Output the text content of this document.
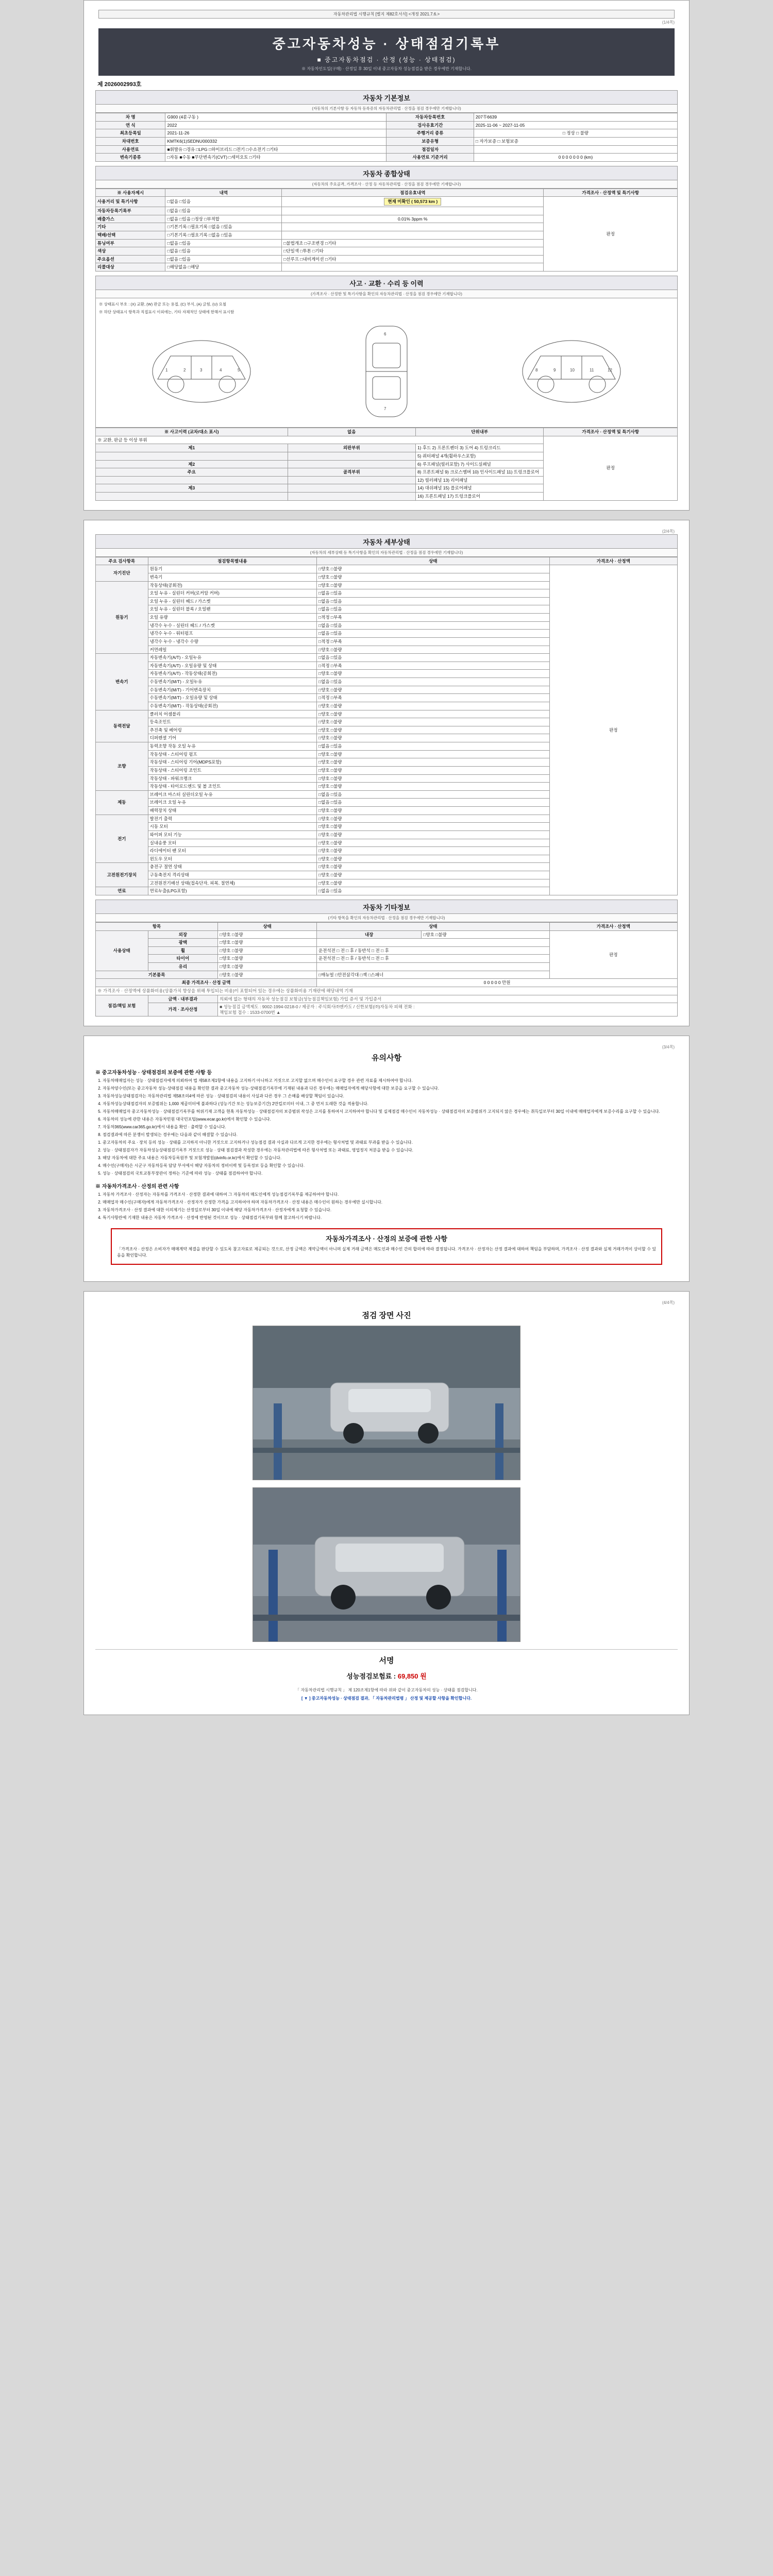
자동차관리법 시행규칙 [별지 제82호서식] <개정 2021.7.6.>
(1/4쪽)
중고자동차성능 · 상태점검기록부
■ 중고자동차점검 · 산정 (성능 · 상태점검)
※ 자동차인도일(구매) · 산정일 후 30일 이내 중고자동차 성능점검을 받은 경우에만 기재합니다.
제 2026002993호
자동차 기본정보
(자동차의 기본사항 등 자동차 등록증의 자동차관리법 · 산정을 점검 경우에만 기재합니다)
차 명	G900 (4륜구동 )	자동차등록번호	207무6639
연 식	2022	검사유효기간	2025-11-06 ~ 2027-11-05
최초등록일	2021-11-26	주행거리 종류	□ 정상 □ 불량
차대번호	KMTK6(1)SEDNU000332	보증유형	□ 자가보증 □ 보험보증
사용연료	■휘발유 □경유 □LPG □하이브리드 □전기 □수소전기 □기타	점검일자	
변속기종류	□자동 ■수동 ■무단변속기(CVT) □세미오토 □기타	사용연료 기준거리	0 0 0 0 0 0 0 (km)
자동차 종합상태
(자동차의 주요골격, 가격조사 · 산정 등 자동차관리법 · 산정을 점검 경우에만 기재합니다)
※ 사용자제시	내역	점검유효내역	가격조사 · 산정액 및 특기사항
사용거리 및 특기사항	□없음 □있음	현재 미확인 ( 50,573 km )	판정
자동차등록기록부	□없음 □있음		
배출가스	□없음 □있음 □정상 □부적합	0.01% 3ppm %	
기타	□기본기록 □필요기록 □없음 □있음		
택배/선택	□기본기록 □필요기록 □없음 □있음		
튜닝여부	□없음 □있음	□불법개조 □구조변경 □기타	
색상	□없음 □있음	□단일색 □투톤 □기타	
주요옵션	□없음 □있음	□선루프 □내비게이션 □기타	
리콜대상	□해당없음 □해당		
사고 · 교환 · 수리 등 이력
(가격조사 · 산정한 및 특기사항을 확인의 자동차관리법 · 산정을 점검 경우에만 기재합니다)
※ 상태표시 부호 : (X) 교환, (W) 판금 또는 용접, (C) 부식, (A) 긁힘, (U) 요철
※ 하단 상태표시 항목과 직접표시 이외에는, 기타 자체적인 상태에 한해서 표시함
1	2	3	4	5
6
7
8	9	10	11	12
※ 사고이력 (교차/대소 표시)	없음	단위내부	가격조사 · 산정액 및 특기사항
※ 교환, 판금 등 이상 부위			판정
제1	외판부위	1) 후드 2) 프론트펜더 3) 도어 4) 트렁크리드	
		5) 쿼터패널 4개(휠하우스포함)	
제2		6) 루프패널(필러포함) 7) 사이드실패널	
주요	골격부위	8) 프론트패널 9) 크로스멤버 10) 인사이드패널 11) 트렁크플로어	
		12) 필러패널 13) 리어패널	
제3		14) 대쉬패널 15) 플로어패널	
		16) 프론트패널 17) 트렁크플로어	
(2/4쪽)
자동차 세부상태
(자동차의 세부상태 등 특기사항을 확인의 자동차관리법 · 산정을 점검 경우에만 기재합니다)
주요 검사항목	점검항목별내용	상태	가격조사 · 산정액
자기진단	원동기	□양호 □불량	판정
	변속기	□양호 □불량	
원동기	작동상태(공회전)	□양호 □불량	
	오일 누유 - 실린더 커버(로커암 커버)	□없음 □있음	
	오일 누유 - 실린더 헤드 / 가스켓	□없음 □있음	
	오일 누유 - 실린더 블록 / 오일팬	□없음 □있음	
	오일 유량	□적정 □부족	
	냉각수 누수 - 실린더 헤드 / 가스켓	□없음 □있음	
	냉각수 누수 - 워터펌프	□없음 □있음	
	냉각수 누수 - 냉각수 수량	□적정 □부족	
	커먼레일	□양호 □불량	
변속기	자동변속기(A/T) - 오일누유	□없음 □있음	
	자동변속기(A/T) - 오일유량 및 상태	□적정 □부족	
	자동변속기(A/T) - 작동상태(공회전)	□양호 □불량	
	수동변속기(M/T) - 오일누유	□없음 □있음	
	수동변속기(M/T) - 기어변속장치	□양호 □불량	
	수동변속기(M/T) - 오일유량 및 상태	□적정 □부족	
	수동변속기(M/T) - 작동상태(공회전)	□양호 □불량	
동력전달	클러치 어셈블리	□양호 □불량	
	등속조인트	□양호 □불량	
	추진축 및 베어링	□양호 □불량	
	디퍼렌셜 기어	□양호 □불량	
조향	동력조향 작동 오일 누유	□없음 □있음	
	작동상태 - 스티어링 펌프	□양호 □불량	
	작동상태 - 스티어링 기어(MDPS포함)	□양호 □불량	
	작동상태 - 스티어링 조인트	□양호 □불량	
	작동상태 - 파워크랭크	□양호 □불량	
	작동상태 - 타이로드엔드 및 볼 조인트	□양호 □불량	
제동	브레이크 마스터 실린더오일 누유	□없음 □있음	
	브레이크 오일 누유	□없음 □있음	
	배력장치 상태	□양호 □불량	
전기	발전기 출력	□양호 □불량	
	시동 모터	□양호 □불량	
	와이퍼 모터 기능	□양호 □불량	
	실내송풍 모터	□양호 □불량	
	라디에이터 팬 모터	□양호 □불량	
	윈도우 모터	□양호 □불량	
고전원전기장치	충전구 절연 상태	□양호 □불량	
	구동축전지 격리상태	□양호 □불량	
	고전원전기배선 상태(접속단자, 피복, 절연체)	□양호 □불량	
연료	연료누출(LPG포함)	□없음 □있음	
자동차 기타정보
(기타 항목을 확인의 자동차관리법 · 산정을 점검 경우에만 기재합니다)
항목		상태	상태		가격조사 · 산정액
사용상태	외장	□양호 □불량	내장	□양호 □불량	판정
	광택	□양호 □불량			
	휠	□양호 □불량	운전석전 □ 전 □ 후 / 동반석 □ 전 □ 후		
	타이어	□양호 □불량	운전석전 □ 전 □ 후 / 동반석 □ 전 □ 후		
	유리	□양호 □불량			
기본품목		□양호 □불량	□매뉴얼 □안전삼각대 □잭 □스패너		
최종 가격조사 · 산정 금액			0 0 0 0 0 만원		
※ 가격조사 · 산정액에 상품화비용(상품가치 향상을 위해 투입되는 비용)이 포함되어 있는 경우에는 상품화비용 기재란에 해당내역 기재					
점검/책임 보험	금액 · 내부결과	의뢰에 없는 형태의 자동차 성능점검 보험금(성능점검책임보험) 가입 증서 및 가입증서			
	가격 · 조사산정	■ 성능점검 금액제도 : 9002-1994-0218-0 / 제공자 : 주식회사㈜엔카도 / 신한보험(㈜)자동차 피해 전화 :
책임보험 접수 : 1533-0700번 ▲			
(3/4쪽)
유의사항
※ 중고자동차성능 · 상태점검의 보증에 관한 사항 등
1. 자동차매매업자는 성능 · 상태점검자에게 의뢰하여 법 제58조제1항에 내용을 고지하기 아니하고 거짓으로 고지할 없으며 매수인이 요구할 경우 관련 자료를 제시하여야 합니다.
2. 자동차양수인(또는 중고자동차 성능·상태점검 내용을 확인한 결과 중고자동차 성능·상태점검기록부에 기재된 내용과 다른 경우에는 매매업자에게 해당사항에 대한 보증을 요구할 수 있습니다.
3. 자동차성능상태점검자는 자동차관리법 제58조의4에 따른 성능 · 상태점검의 내용이 사실과 다른 경우 그 손해를 배상할 책임이 있습니다.
4. 자동차성능상태점검자의 보증범위는 1,000 제곱미터에 불과하다 (성능기간 또는 성능보증기간) 2만킬로미터 이내, 그 중 먼저 도래한 것을 적용합니다.
5. 자동차매매업자 중고자동차성능 · 상태점검기록부를 허위기재 고객을 현혹 자동차성능 · 상태점검자의 보증범위 작성은 고지를 통하여서 고지하여야 합니다 및 실제점검 매수인이 자동차성능 · 상태점검자의 보증범위가 고지되지 않은 경우에는 취득일로부터 30일 이내에 매매업자에게 보증수리를 요구할 수 있습니다.
6. 자동차의 성능에 관한 내용은 자동차민원 대국민포털(www.ecar.go.kr)에서 확인할 수 있습니다.
7. 자동차365(www.car365.go.kr)에서 내용을 확인 · 출력할 수 있습니다.
8. 점검결과에 따른 분쟁이 발생되는 경우에는 다음과 같이 해결할 수 있습니다.
1. 중고자동차의 주요 · 장치 등의 성능 · 상태를 고지하지 아니한 거짓으로 고지하거나 성능점검 결과 사실과 다르게 고지한 경우에는 형사처벌 및 과태료 부과를 받을 수 있습니다.
2. 성능 · 상태점검자가 자동차성능상태점검기록부 거짓으로 성능 · 상태 점검결과 작성한 경우에는 자동차관리법에 따른 형사처벌 또는 과태료, 영업정지 처분을 받을 수 있습니다.
3. 해당 자동차에 대한 주요 내용은 자동차등록원부 및 보험개발원(dvinfo.or.kr)에서 확인할 수 있습니다.
4. 매수인(구매자)은 시군구 자동차등록 담당 부서에서 해당 자동차의 정비이력 및 등록정보 등을 확인할 수 있습니다.
5. 성능 · 상태점검의 국토교통부장관이 정하는 기준에 따라 성능 · 상태를 점검하여야 합니다.
※ 자동차가격조사 · 산정의 관련 사항
1. 자동차 가격조사 · 산정자는 자동차를 가격조사 · 산정한 결과에 대하여 그 자동차의 매도인에게 성능점검기록부를 제공하여야 합니다.
2. 매매업자 매수인(구매자)에게 자동차가격조사 · 산정자가 산정한 가격을 고지하여야 하며 자동차가격조사 · 산정 내용은 매수인이 원하는 경우에만 실시합니다.
3. 자동차가격조사 · 산정 결과에 대한 이의제기는 산정일로부터 30일 이내에 해당 자동차가격조사 · 산정자에게 요청할 수 있습니다.
4. 특기사항란에 기재한 내용은 자동차 가격조사 · 산정에 반영된 것이므로 성능 · 상태점검기록부와 함께 참고하시기 바랍니다.
자동차가격조사 · 산정의 보증에 관한 사항

「가격조사 · 산정은 소비자가 매매계약 체결을 판단할 수 있도록 참고자료로 제공되는 것으로, 산정 금액은 계약금액이 아니며 실제 거래 금액은 매도인과 매수인 간의 합의에 따라 결정됩니다. 가격조사 · 산정자는 산정 결과에 대하여 책임을 부담하며, 가격조사 · 산정 결과와 실제 거래가격이 상이할 수 있음을 확인합니다.

(4/4쪽)
점검 장면 사진
서명
성능점검보험료 : 69,850 원
「 자동차관리법 시행규칙 」 제 120조제1항에 따라 위와 같이 중고자동차의 성능 · 상태를 점검합니다.
[ ▼ ] 중고자동차성능 · 상태점검 결과, 「 자동차관리법령 」 산정 및 제공할 사항을 확인합니다.
